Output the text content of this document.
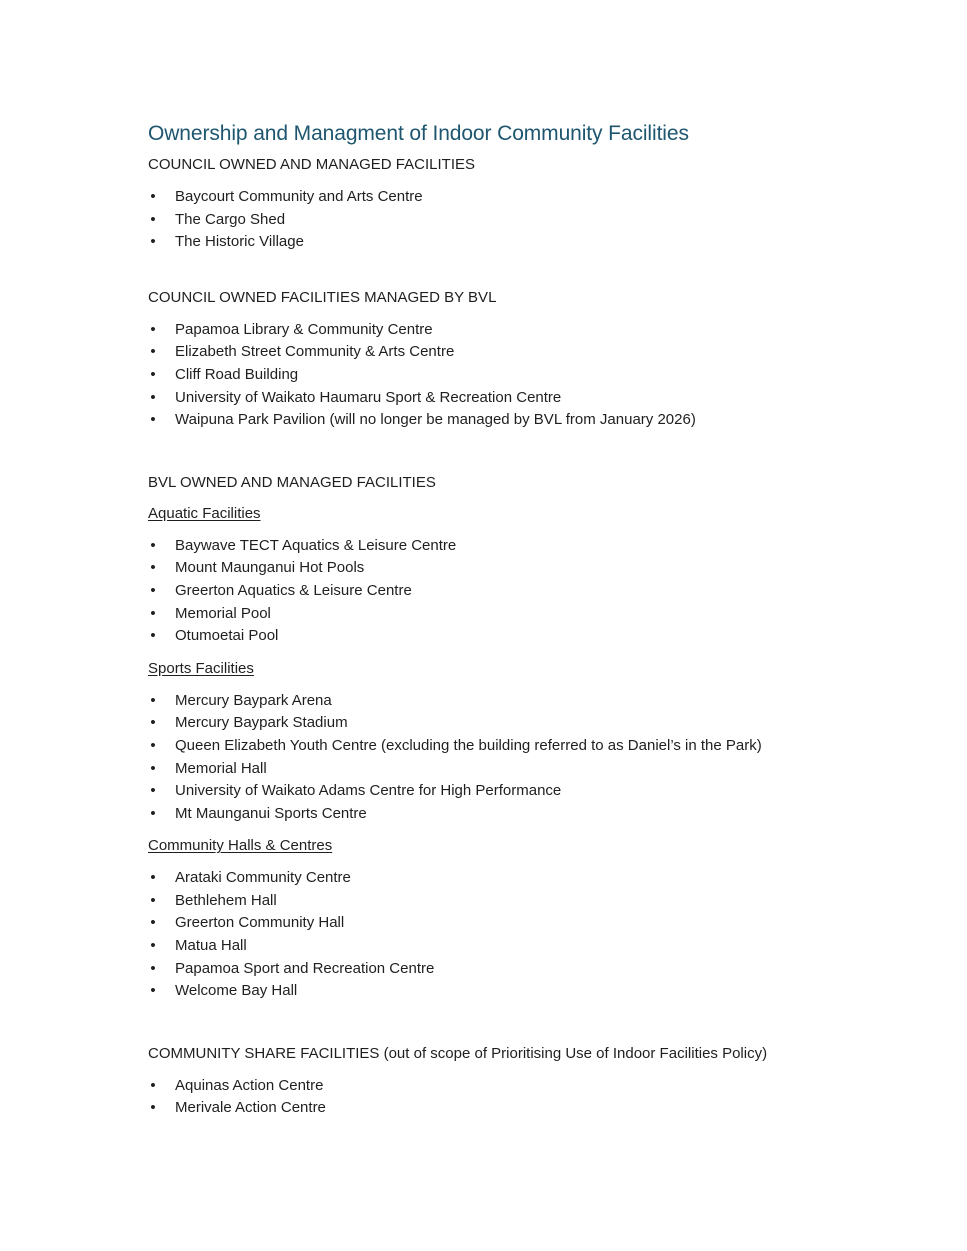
Ownership and Managment of Indoor Community Facilities

COUNCIL OWNED AND MANAGED FACILITIES

• Baycourt Community and Arts Centre
• The Cargo Shed
• The Historic Village

COUNCIL OWNED FACILITIES MANAGED BY BVL

• Papamoa Library & Community Centre
• Elizabeth Street Community & Arts Centre
• Cliff Road Building
• University of Waikato Haumaru Sport & Recreation Centre
• Waipuna Park Pavilion (will no longer be managed by BVL from January 2026)

BVL OWNED AND MANAGED FACILITIES

Aquatic Facilities

• Baywave TECT Aquatics & Leisure Centre
• Mount Maunganui Hot Pools
• Greerton Aquatics & Leisure Centre
• Memorial Pool
• Otumoetai Pool

Sports Facilities

• Mercury Baypark Arena
• Mercury Baypark Stadium
• Queen Elizabeth Youth Centre (excluding the building referred to as Daniel’s in the Park)
• Memorial Hall
• University of Waikato Adams Centre for High Performance
• Mt Maunganui Sports Centre

Community Halls & Centres

• Arataki Community Centre
• Bethlehem Hall
• Greerton Community Hall
• Matua Hall
• Papamoa Sport and Recreation Centre
• Welcome Bay Hall

COMMUNITY SHARE FACILITIES (out of scope of Prioritising Use of Indoor Facilities Policy)

• Aquinas Action Centre
• Merivale Action Centre
